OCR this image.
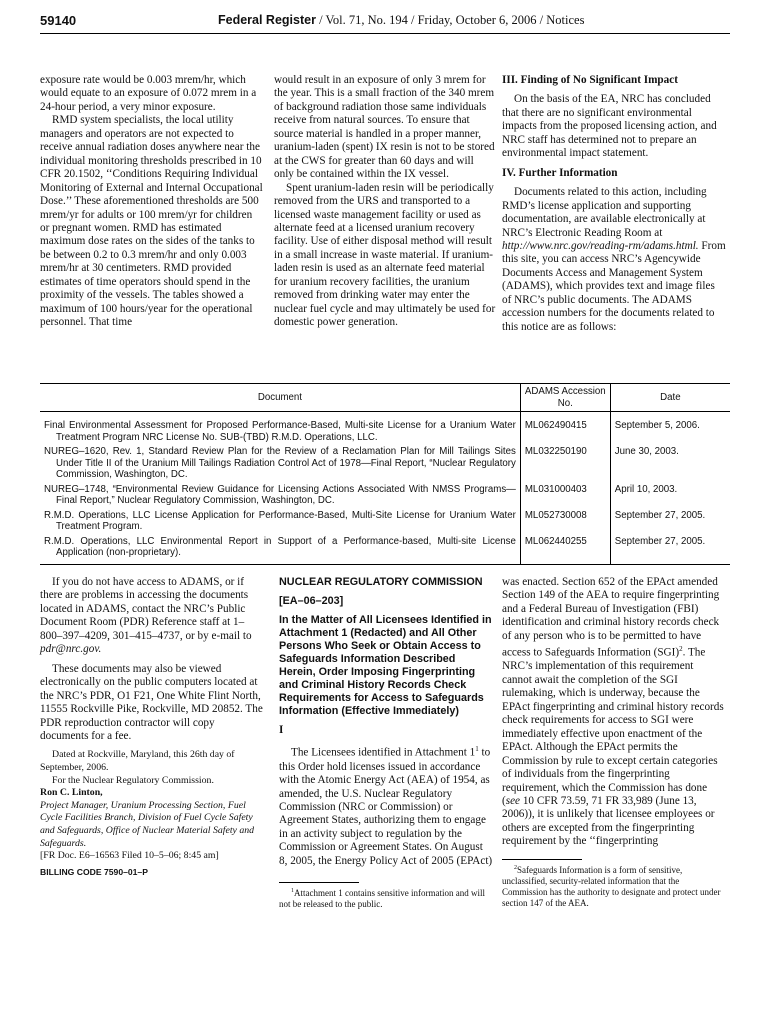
59140	Federal Register / Vol. 71, No. 194 / Friday, October 6, 2006 / Notices

exposure rate would be 0.003 mrem/hr, which would equate to an exposure of 0.072 mrem in a 24-hour period, a very minor exposure.

RMD system specialists, the local utility managers and operators are not expected to receive annual radiation doses anywhere near the individual monitoring thresholds prescribed in 10 CFR 20.1502, ‘‘Conditions Requiring Individual Monitoring of External and Internal Occupational Dose.’’ These aforementioned thresholds are 500 mrem/yr for adults or 100 mrem/yr for children or pregnant women. RMD has estimated maximum dose rates on the sides of the tanks to be between 0.2 to 0.3 mrem/hr and only 0.003 mrem/hr at 30 centimeters. RMD provided estimates of time operators should spend in the proximity of the vessels. The tables showed a maximum of 100 hours/year for the operational personnel. That time

would result in an exposure of only 3 mrem for the year. This is a small fraction of the 340 mrem of background radiation those same individuals receive from natural sources. To ensure that source material is handled in a proper manner, uranium-laden (spent) IX resin is not to be stored at the CWS for greater than 60 days and will only be contained within the IX vessel.

Spent uranium-laden resin will be periodically removed from the URS and transported to a licensed waste management facility or used as alternate feed at a licensed uranium recovery facility. Use of either disposal method will result in a small increase in waste material. If uranium-laden resin is used as an alternate feed material for uranium recovery facilities, the uranium removed from drinking water may enter the nuclear fuel cycle and may ultimately be used for domestic power generation.

III. Finding of No Significant Impact

On the basis of the EA, NRC has concluded that there are no significant environmental impacts from the proposed licensing action, and NRC staff has determined not to prepare an environmental impact statement.

IV. Further Information

Documents related to this action, including RMD’s license application and supporting documentation, are available electronically at NRC’s Electronic Reading Room at http://www.nrc.gov/reading-rm/adams.html. From this site, you can access NRC’s Agencywide Documents Access and Management System (ADAMS), which provides text and image files of NRC’s public documents. The ADAMS accession numbers for the documents related to this notice are as follows:

Document	ADAMS Accession No.	Date
Final Environmental Assessment for Proposed Performance-Based, Multi-site License for a Uranium Water Treatment Program NRC License No. SUB-(TBD) R.M.D. Operations, LLC.	ML062490415	September 5, 2006.
NUREG–1620, Rev. 1, Standard Review Plan for the Review of a Reclamation Plan for Mill Tailings Sites Under Title II of the Uranium Mill Tailings Radiation Control Act of 1978—Final Report, “Nuclear Regulatory Commission, Washington, DC.	ML032250190	June 30, 2003.
NUREG–1748, “Environmental Review Guidance for Licensing Actions Associated With NMSS Programs—Final Report,” Nuclear Regulatory Commission, Washington, DC.	ML031000403	April 10, 2003.
R.M.D. Operations, LLC License Application for Performance-Based, Multi-Site License for Uranium Water Treatment Program.	ML052730008	September 27, 2005.
R.M.D. Operations, LLC Environmental Report in Support of a Performance-based, Multi-site License Application (non-proprietary).	ML062440255	September 27, 2005.

If you do not have access to ADAMS, or if there are problems in accessing the documents located in ADAMS, contact the NRC’s Public Document Room (PDR) Reference staff at 1–800–397–4209, 301–415–4737, or by e-mail to pdr@nrc.gov.

These documents may also be viewed electronically on the public computers located at the NRC’s PDR, O1 F21, One White Flint North, 11555 Rockville Pike, Rockville, MD 20852. The PDR reproduction contractor will copy documents for a fee.

Dated at Rockville, Maryland, this 26th day of September, 2006.

For the Nuclear Regulatory Commission.

Ron C. Linton,

Project Manager, Uranium Processing Section, Fuel Cycle Facilities Branch, Division of Fuel Cycle Safety and Safeguards, Office of Nuclear Material Safety and Safeguards.

[FR Doc. E6–16563 Filed 10–5–06; 8:45 am]

BILLING CODE 7590–01–P

NUCLEAR REGULATORY COMMISSION

[EA–06–203]

In the Matter of All Licensees Identified in Attachment 1 (Redacted) and All Other Persons Who Seek or Obtain Access to Safeguards Information Described Herein, Order Imposing Fingerprinting and Criminal History Records Check Requirements for Access to Safeguards Information (Effective Immediately)

I

The Licensees identified in Attachment $1^1$ to this Order hold licenses issued in accordance with the Atomic Energy Act (AEA) of 1954, as amended, the U.S. Nuclear Regulatory Commission (NRC or Commission) or Agreement States, authorizing them to engage in an activity subject to regulation by the Commission or Agreement States. On August 8, 2005, the Energy Policy Act of 2005 (EPAct)

$^1$Attachment 1 contains sensitive information and will not be released to the public.

was enacted. Section 652 of the EPAct amended Section 149 of the AEA to require fingerprinting and a Federal Bureau of Investigation (FBI) identification and criminal history records check of any person who is to be permitted to have access to Safeguards Information (SGI)$^2$. The NRC’s implementation of this requirement cannot await the completion of the SGI rulemaking, which is underway, because the EPAct fingerprinting and criminal history records check requirements for access to SGI were immediately effective upon enactment of the EPAct. Although the EPAct permits the Commission by rule to except certain categories of individuals from the fingerprinting requirement, which the Commission has done (see 10 CFR 73.59, 71 FR 33,989 (June 13, 2006)), it is unlikely that licensee employees or others are excepted from the fingerprinting requirement by the ‘‘fingerprinting

$^2$Safeguards Information is a form of sensitive, unclassified, security-related information that the Commission has the authority to designate and protect under section 147 of the AEA.
